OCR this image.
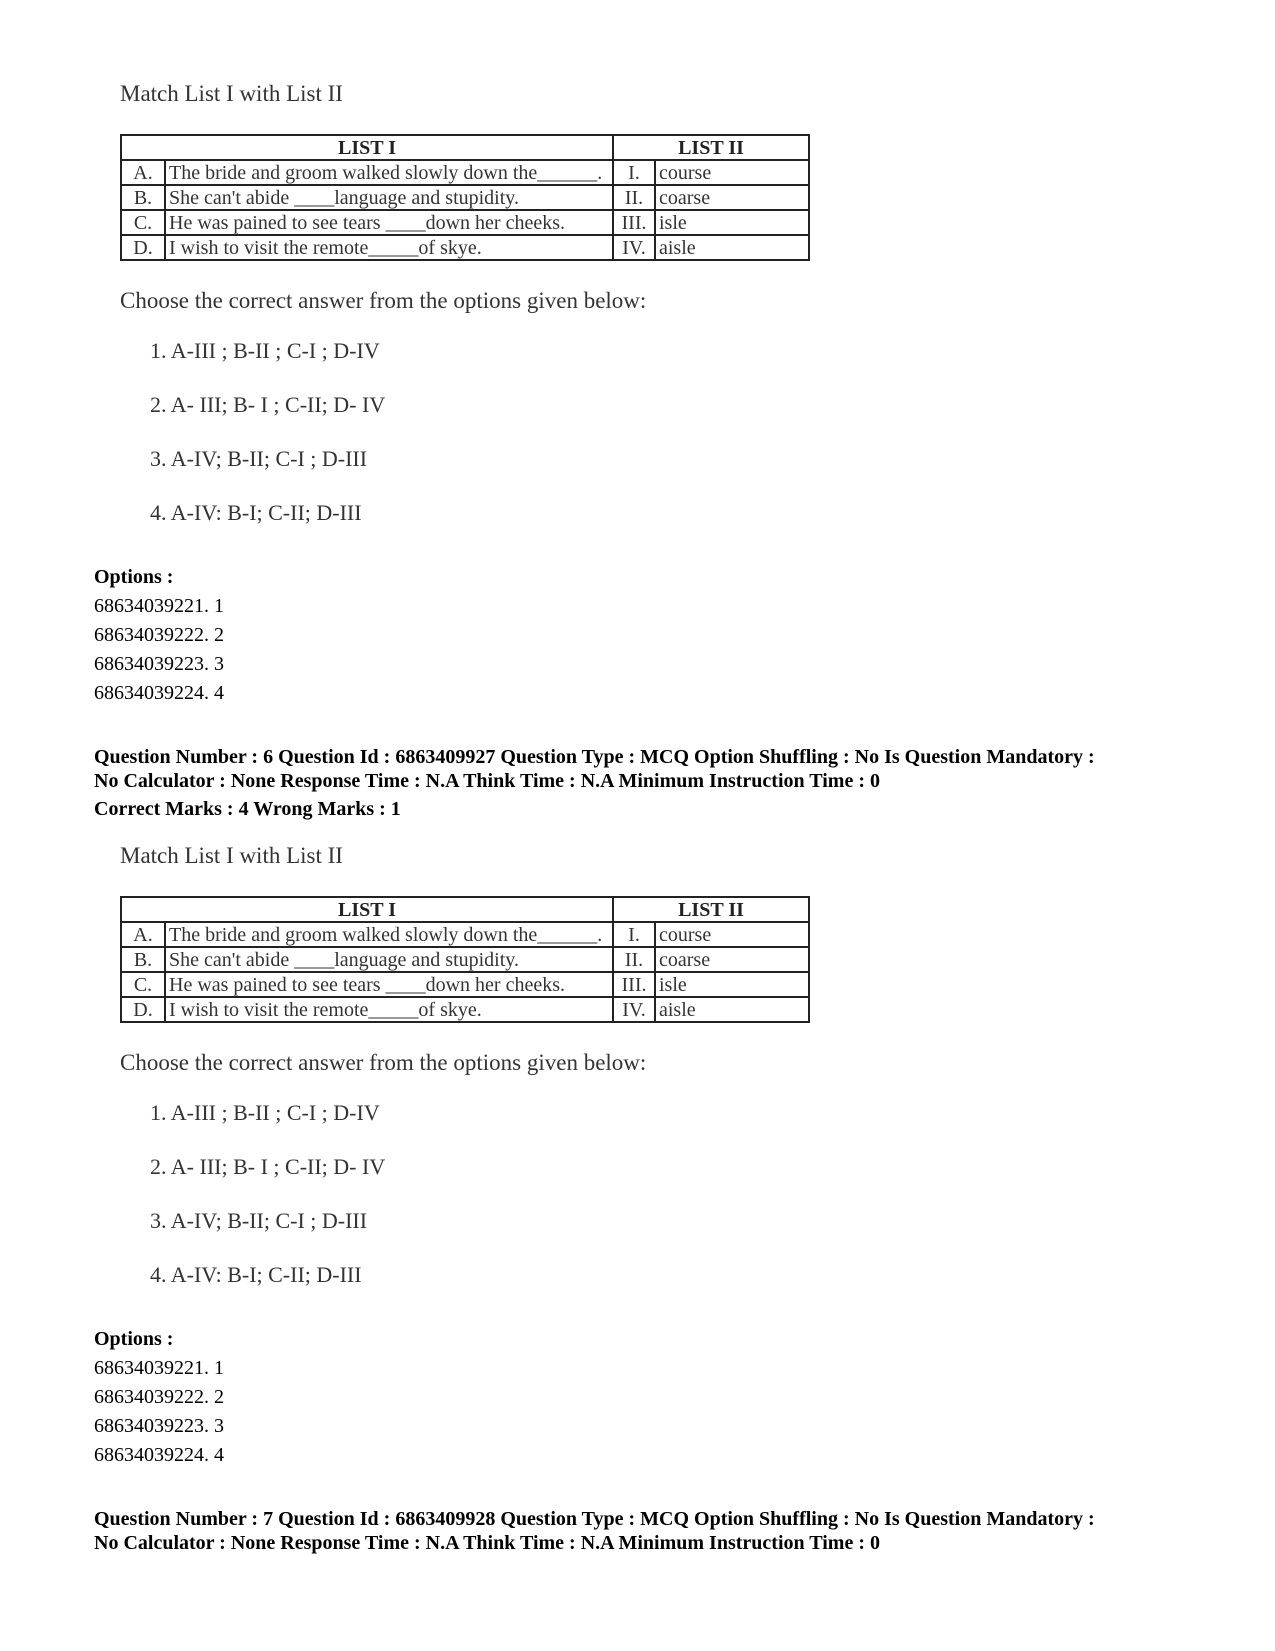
Match List I with List II

LIST I		LIST II	
A.	The bride and groom walked slowly down the______.	I.	course
B.	She can't abide ____language and stupidity.	II.	coarse
C.	He was pained to see tears ____down her cheeks.	III.	isle
D.	I wish to visit the remote_____of skye.	IV.	aisle
Choose the correct answer from the options given below:
1. A-III ; B-II ; C-I ; D-IV
2. A- III; B- I ; C-II; D- IV
3. A-IV; B-II; C-I ; D-III
4. A-IV: B-I; C-II; D-III
Options :
68634039221. 1
68634039222. 2
68634039223. 3
68634039224. 4

Question Number : 6 Question Id : 6863409927 Question Type : MCQ Option Shuffling : No Is Question Mandatory :

No Calculator : None Response Time : N.A Think Time : N.A Minimum Instruction Time : 0

Correct Marks : 4 Wrong Marks : 1

Match List I with List II

LIST I		LIST II	
A.	The bride and groom walked slowly down the______.	I.	course
B.	She can't abide ____language and stupidity.	II.	coarse
C.	He was pained to see tears ____down her cheeks.	III.	isle
D.	I wish to visit the remote_____of skye.	IV.	aisle
Choose the correct answer from the options given below:
1. A-III ; B-II ; C-I ; D-IV
2. A- III; B- I ; C-II; D- IV
3. A-IV; B-II; C-I ; D-III
4. A-IV: B-I; C-II; D-III
Options :
68634039221. 1
68634039222. 2
68634039223. 3
68634039224. 4

Question Number : 7 Question Id : 6863409928 Question Type : MCQ Option Shuffling : No Is Question Mandatory :

No Calculator : None Response Time : N.A Think Time : N.A Minimum Instruction Time : 0
